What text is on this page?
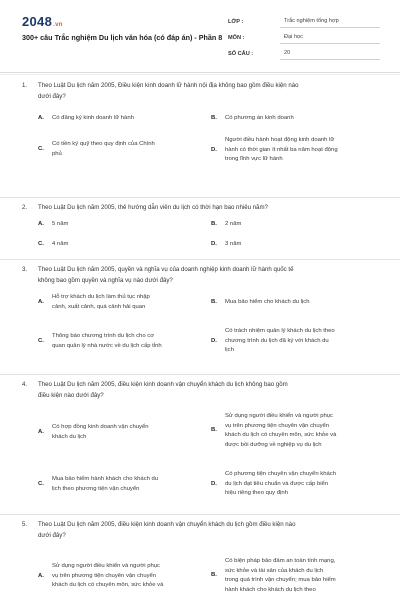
2048.vn
300+ câu Trắc nghiệm Du lịch văn hóa (có đáp án) - Phần 8
LỚP :	Trắc nghiệm tổng hợp
MÔN :	Đại học
SỐ CÂU :	20
1.	Theo Luật Du lịch năm 2005, Điều kiện kinh doanh lữ hành nội địa không bao gồm điều kiện nào
dưới đây?
A.	Có đăng ký kinh doanh lữ hành	B.	Có phương án kinh doanh
C.
Có tiền ký quỹ theo quy định của Chính
phủ
D.
Người điều hành hoạt động kinh doanh lữ
hành có thời gian ít nhất ba năm hoạt động
trong lĩnh vực lữ hành
2.	Theo Luật Du lịch năm 2005, thẻ hướng dẫn viên du lịch có thời hạn bao nhiêu năm?
A.	5 năm	B.	2 năm
C.	4 năm	D.	3 năm
3.	Theo Luật Du lịch năm 2005, quyền và nghĩa vụ của doanh nghiệp kinh doanh lữ hành quốc tế
không bao gồm quyền và nghĩa vụ nào dưới đây?
A.
Hỗ trợ khách du lịch làm thủ tục nhập
cảnh, xuất cảnh, quá cảnh hải quan
B.	Mua bảo hiểm cho khách du lịch
C.
Thông báo chương trình du lịch cho cơ
quan quản lý nhà nước về du lịch cấp tỉnh
D.
Có trách nhiệm quản lý khách du lịch theo
chương trình du lịch đã ký với khách du
lịch
4.	Theo Luật Du lịch năm 2005, điều kiện kinh doanh vận chuyển khách du lịch không bao gồm
điều kiện nào dưới đây?
A.
Có hợp đồng kinh doanh vận chuyển
khách du lịch
B.
Sử dụng người điều khiển và người phục
vụ trên phương tiện chuyên vận chuyển
khách du lịch có chuyên môn, sức khỏe và
được bồi dưỡng về nghiệp vụ du lịch
C.
Mua bảo hiểm hành khách cho khách du
lịch theo phương tiện vận chuyển
D.
Có phương tiện chuyên vận chuyển khách
du lịch đạt tiêu chuẩn và được cấp biển
hiệu riêng theo quy định
5.	Theo Luật Du lịch năm 2005, điều kiện kinh doanh vận chuyển khách du lịch gồm điều kiện nào
dưới đây?
A.
Sử dụng người điều khiển và người phục
vụ trên phương tiện chuyên vận chuyển
khách du lịch có chuyên môn, sức khỏe và
B.
Có biện pháp bảo đảm an toàn tính mạng,
sức khỏe và tài sản của khách du lịch
trong quá trình vận chuyển; mua bảo hiểm
hành khách cho khách du lịch theo
